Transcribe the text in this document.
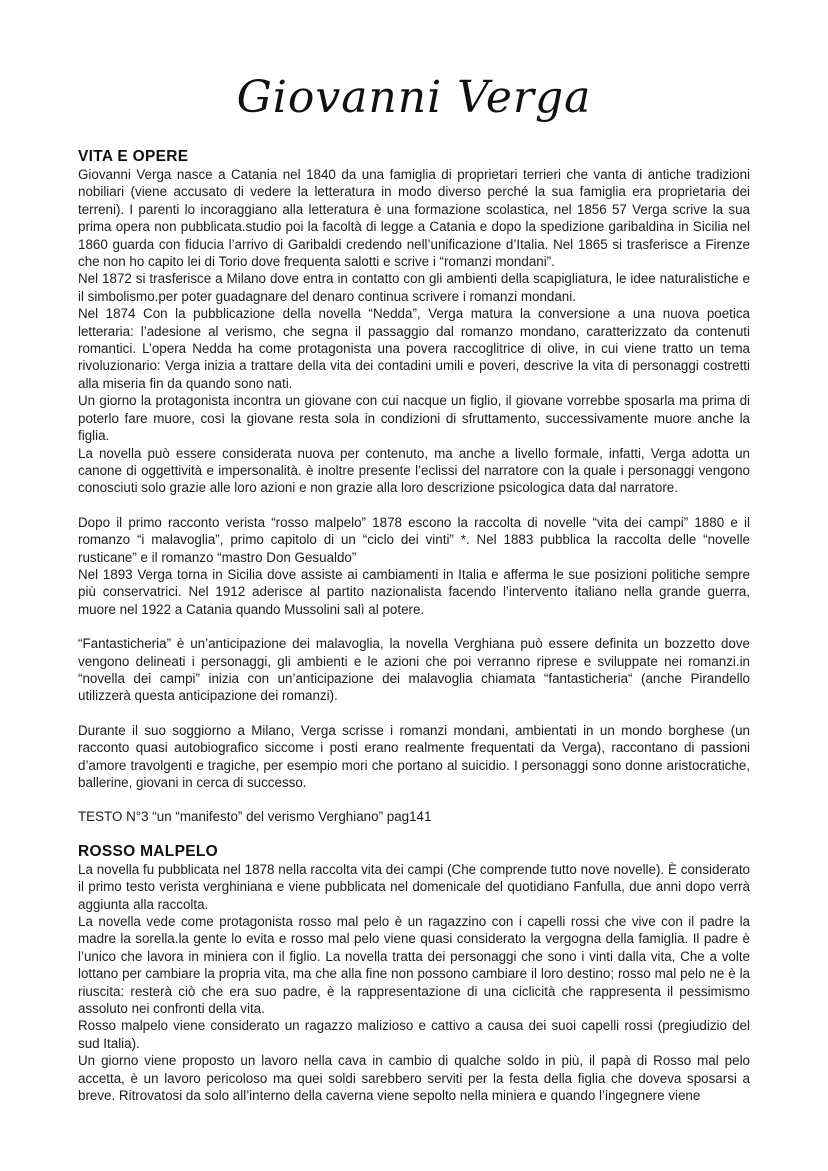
Giovanni Verga
VITA E OPERE

Giovanni Verga nasce a Catania nel 1840 da una famiglia di proprietari terrieri che vanta di antiche tradizioni nobiliari (viene accusato di vedere la letteratura in modo diverso perché la sua famiglia era proprietaria dei terreni). I parenti lo incoraggiano alla letteratura è una formazione scolastica, nel 1856 57 Verga scrive la sua prima opera non pubblicata.studio poi la facoltà di legge a Catania e dopo la spedizione garibaldina in Sicilia nel 1860 guarda con fiducia l’arrivo di Garibaldi credendo nell’unificazione d’Italia. Nel 1865 si trasferisce a Firenze che non ho capito lei di Torio dove frequenta salotti e scrive i “romanzi mondani”.

Nel 1872 si trasferisce a Milano dove entra in contatto con gli ambienti della scapigliatura, le idee naturalistiche e il simbolismo.per poter guadagnare del denaro continua scrivere i romanzi mondani.

Nel 1874 Con la pubblicazione della novella “Nedda”, Verga matura la conversione a una nuova poetica letteraria: l’adesione al verismo, che segna il passaggio dal romanzo mondano, caratterizzato da contenuti romantici. L’opera Nedda ha come protagonista una povera raccoglitrice di olive, in cui viene tratto un tema rivoluzionario: Verga inizia a trattare della vita dei contadini umili e poveri, descrive la vita di personaggi costretti alla miseria fin da quando sono nati.

Un giorno la protagonista incontra un giovane con cui nacque un figlio, il giovane vorrebbe sposarla ma prima di poterlo fare muore, così la giovane resta sola in condizioni di sfruttamento, successivamente muore anche la figlia.

La novella può essere considerata nuova per contenuto, ma anche a livello formale, infatti, Verga adotta un canone di oggettività e impersonalità. è inoltre presente l’eclissi del narratore con la quale i personaggi vengono conosciuti solo grazie alle loro azioni e non grazie alla loro descrizione psicologica data dal narratore.

Dopo il primo racconto verista “rosso malpelo” 1878 escono la raccolta di novelle “vita dei campi” 1880 e il romanzo “i malavoglia”, primo capitolo di un “ciclo dei vinti” *. Nel 1883 pubblica la raccolta delle “novelle rusticane” e il romanzo “mastro Don Gesualdo”

Nel 1893 Verga torna in Sicilia dove assiste ai cambiamenti in Italia e afferma le sue posizioni politiche sempre più conservatrici. Nel 1912 aderisce al partito nazionalista facendo l’intervento italiano nella grande guerra, muore nel 1922 a Catania quando Mussolini salì al potere.

“Fantasticheria” è un’anticipazione dei malavoglia, la novella Verghiana può essere definita un bozzetto dove vengono delineati i personaggi, gli ambienti e le azioni che poi verranno riprese e sviluppate nei romanzi.in “novella dei campi” inizia con un’anticipazione dei malavoglia chiamata “fantasticheria“ (anche Pirandello utilizzerà questa anticipazione dei romanzi).

Durante il suo soggiorno a Milano, Verga scrisse i romanzi mondani, ambientati in un mondo borghese (un racconto quasi autobiografico siccome i posti erano realmente frequentati da Verga), raccontano di passioni d’amore travolgenti e tragiche, per esempio mori che portano al suicidio. I personaggi sono donne aristocratiche, ballerine, giovani in cerca di successo.

TESTO N°3 “un “manifesto” del verismo Verghiano” pag141

ROSSO MALPELO

La novella fu pubblicata nel 1878 nella raccolta vita dei campi (Che comprende tutto nove novelle). È considerato il primo testo verista verghiniana e viene pubblicata nel domenicale del quotidiano Fanfulla, due anni dopo verrà aggiunta alla raccolta.

La novella vede come protagonista rosso mal pelo è un ragazzino con i capelli rossi che vive con il padre la madre la sorella.la gente lo evita e rosso mal pelo viene quasi considerato la vergogna della famiglia. Il padre è l’unico che lavora in miniera con il figlio. La novella tratta dei personaggi che sono i vinti dalla vita, Che a volte lottano per cambiare la propria vita, ma che alla fine non possono cambiare il loro destino; rosso mal pelo ne è la riuscita: resterà ciò che era suo padre, è la rappresentazione di una ciclicità che rappresenta il pessimismo assoluto nei confronti della vita.

Rosso malpelo viene considerato un ragazzo malizioso e cattivo a causa dei suoi capelli rossi (pregiudizio del sud Italia).

Un giorno viene proposto un lavoro nella cava in cambio di qualche soldo in più, il papà di Rosso mal pelo accetta, è un lavoro pericoloso ma quei soldi sarebbero serviti per la festa della figlia che doveva sposarsi a breve. Ritrovatosi da solo all’interno della caverna viene sepolto nella miniera e quando l’ingegnere viene
